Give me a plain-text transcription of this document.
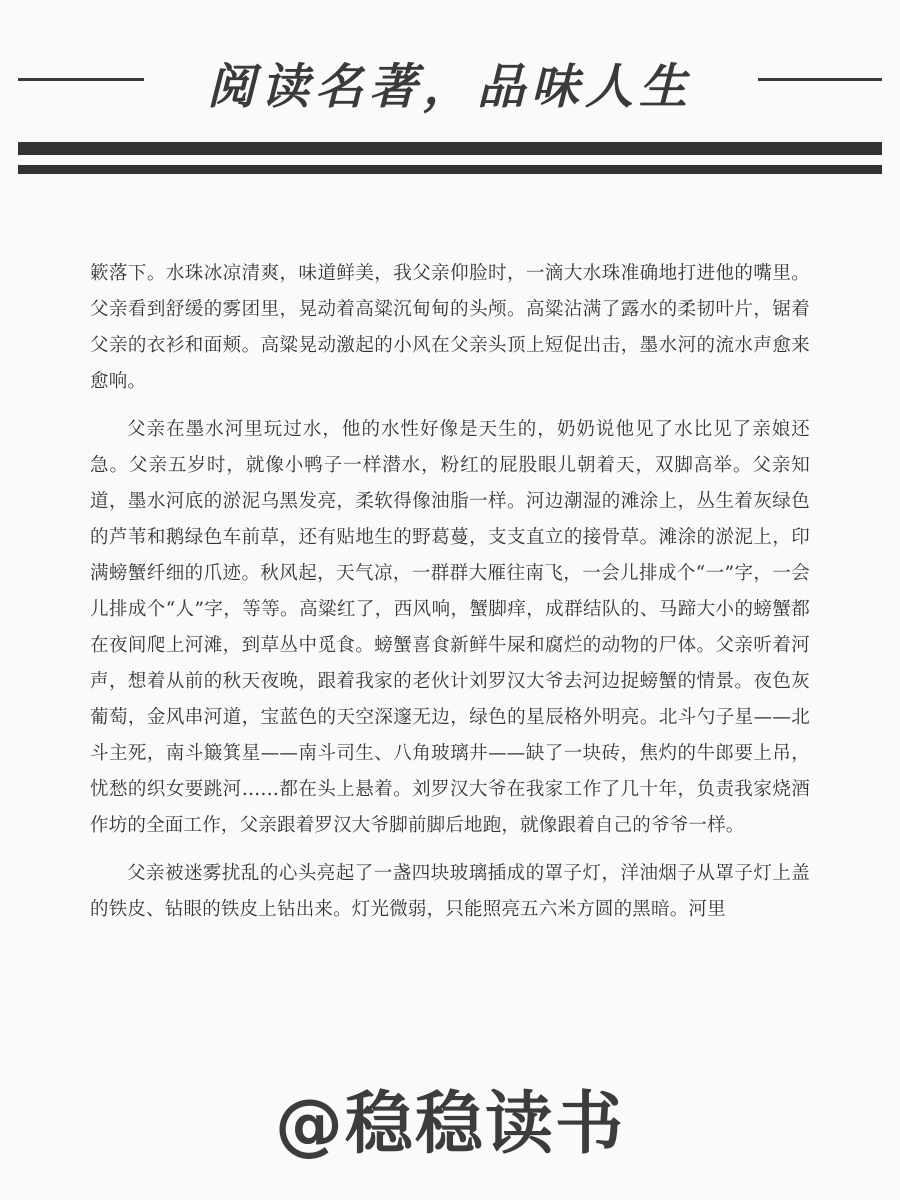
阅读名著，品味人生

簌落下。水珠冰凉清爽，味道鲜美，我父亲仰脸时，一滴大水珠准确地打进他的嘴里。父亲看到舒缓的雾团里，晃动着高粱沉甸甸的头颅。高粱沾满了露水的柔韧叶片，锯着父亲的衣衫和面颊。高粱晃动激起的小风在父亲头顶上短促出击，墨水河的流水声愈来愈响。

父亲在墨水河里玩过水，他的水性好像是天生的，奶奶说他见了水比见了亲娘还急。父亲五岁时，就像小鸭子一样潜水，粉红的屁股眼儿朝着天，双脚高举。父亲知道，墨水河底的淤泥乌黑发亮，柔软得像油脂一样。河边潮湿的滩涂上，丛生着灰绿色的芦苇和鹅绿色车前草，还有贴地生的野葛蔓，支支直立的接骨草。滩涂的淤泥上，印满螃蟹纤细的爪迹。秋风起，天气凉，一群群大雁往南飞，一会儿排成个“一”字，一会儿排成个“人”字，等等。高粱红了，西风响，蟹脚痒，成群结队的、马蹄大小的螃蟹都在夜间爬上河滩，到草丛中觅食。螃蟹喜食新鲜牛屎和腐烂的动物的尸体。父亲听着河声，想着从前的秋天夜晚，跟着我家的老伙计刘罗汉大爷去河边捉螃蟹的情景。夜色灰葡萄，金风串河道，宝蓝色的天空深邃无边，绿色的星辰格外明亮。北斗勺子星——北斗主死，南斗簸箕星——南斗司生、八角玻璃井——缺了一块砖，焦灼的牛郎要上吊，忧愁的织女要跳河……都在头上悬着。刘罗汉大爷在我家工作了几十年，负责我家烧酒作坊的全面工作，父亲跟着罗汉大爷脚前脚后地跑，就像跟着自己的爷爷一样。

父亲被迷雾扰乱的心头亮起了一盏四块玻璃插成的罩子灯，洋油烟子从罩子灯上盖的铁皮、钻眼的铁皮上钻出来。灯光微弱，只能照亮五六米方圆的黑暗。河里

@稳稳读书
